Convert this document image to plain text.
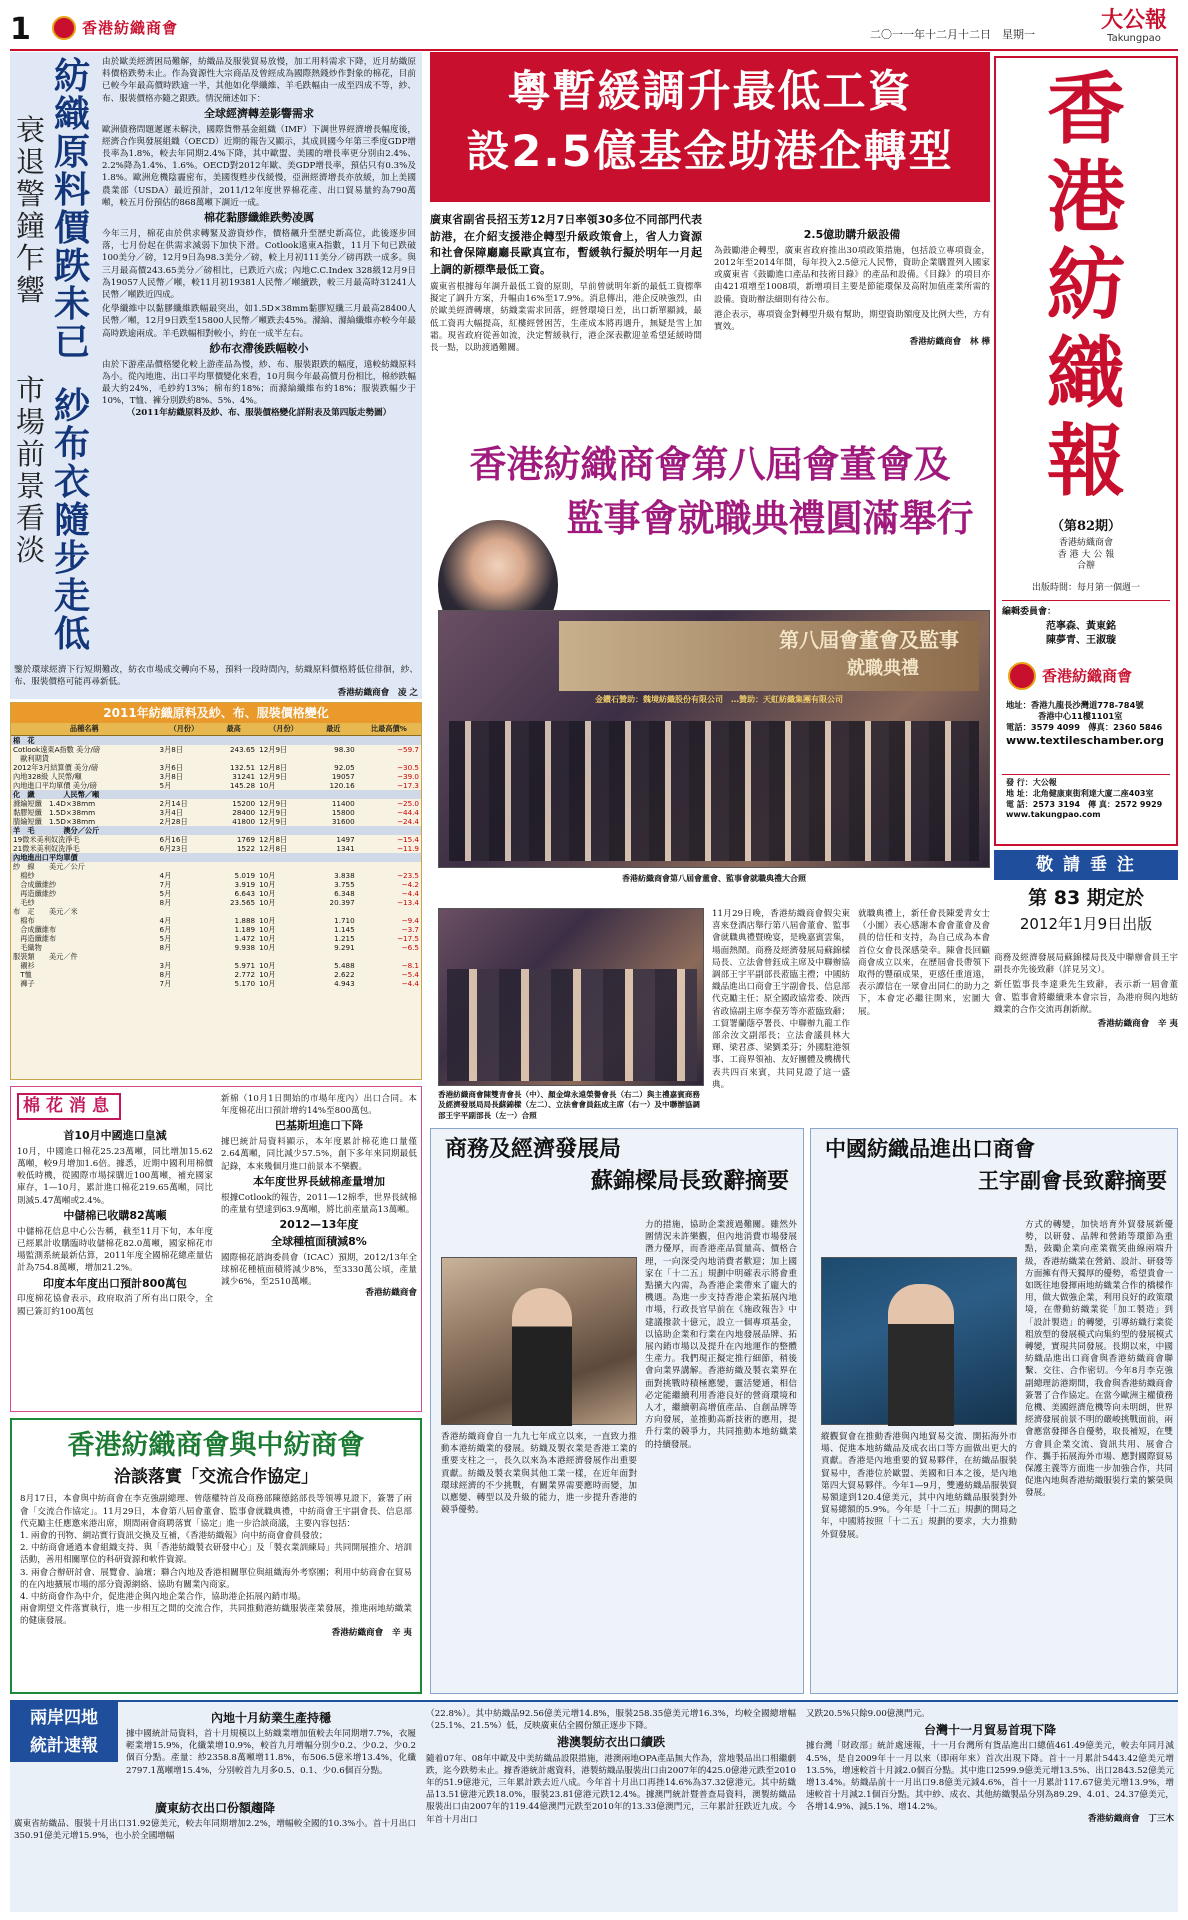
1	香港紡織商會	二〇一一年十二月十二日　星期一
大公報
Takungpao
衰退警鐘乍響
市場前景看淡
紡織原料價跌未已
紗布衣隨步走低

由於歐美經濟困局難解，紡織品及服裝貿易放慢，加工用料需求下降，近月紡織原料價格跌勢未止。作為資源性大宗商品及曾經成為國際熱錢炒作對象的棉花，目前已較今年最高價時跌逾一半，其他如化學纖維、羊毛跌幅由一成至四成不等，紗、布、服裝價格亦隨之跟跌。情況簡述如下：

全球經濟轉差影響需求

歐洲債務問題遲遲未解決，國際貨幣基金組織（IMF）下調世界經濟增長幅度後，經濟合作與發展組織（OECD）近期的報告又顯示，其成員國今年第三季度GDP增長率為1.8%，較去年同期2.4%下降，其中歐盟、美國的增長率更分別由2.4%、2.2%降為1.4%、1.6%。OECD對2012年歐、美GDP增長率，預估只有0.3%及1.8%。歐洲危機陰霾密布，美國復甦步伐緩慢，亞洲經濟增長亦放緩，加上美國農業部（USDA）最近預計，2011/12年度世界棉花產、出口貿易量約為790萬噸，較五月份預估的868萬噸下調近一成。

棉花黏膠纖維跌勢凌厲

今年三月，棉花由於供求轉緊及游資炒作，價格飆升至歷史新高位，此後逐步回落，七月份起在供需求減弱下加快下滑。Cotlook遠東A指數，11月下旬已跌破100美分／磅，12月9日為98.3美分／磅，較上月初111美分／磅再跌一成多。與三月最高價243.65美分／磅相比，已跌近六成；內地C.C.Index 328級12月9日為19057人民幣／噸，較11月初19381人民幣／噸續跌，較三月最高時31241人民幣／噸跌近四成。

化學纖維中以黏膠纖維跌幅最突出，如1.5D×38mm黏膠短纖三月最高28400人民幣／噸，12月9日跌至15800人民幣／噸跌去45%。滌綸、滌綸纖維亦較今年最高時跌逾兩成。羊毛跌幅相對較小，約在一成半左右。

紗布衣滯後跌幅較小

由於下游產品價格變化較上游產品為慢，紗、布、服裝跟跌的幅度，遠較紡織原料為小。從內地進、出口平均單價變化來看，10月與今年最高價月份相比，棉紗跌幅最大約24%，毛紗約13%；棉布約18%；而滌綸纖維布約18%；服裝跌幅少于10%，T恤、褲分別跌約8%、5%、4%。

（2011年紡織原料及紗、布、服裝價格變化詳附表及第四版走勢圖）

鑒於環球經濟下行短期難改，紡衣市場成交轉向不易，預料一段時間內，紡織原料價格將低位徘徊，紗、布、服裝價格可能再尋新低。

香港紡織商會　凌 之
2011年紡織原料及紗、布、服裝價格變化
品種名稱	（月份）	最高	（月份）	最近	比最高價%
棉　花					
Cotlook遠東A指數 美分/磅	3月8日	243.65	12月9日	98.30	−59.7
　歐利期貨					
2012年3月結算價 美分/磅	3月6日	132.51	12月8日	92.05	−30.5
內地328級 人民幣/噸	3月8日	31241	12月9日	19057	−39.0
內地進口平均單價 美分/磅	5月	145.28	10月	120.16	−17.3
化　纖　　　　人民幣／噸					
滌綸短纖　1.4D×38mm	2月14日	15200	12月9日	11400	−25.0
黏膠短纖　1.5D×38mm	3月4日	28400	12月9日	15800	−44.4
腈綸短纖　1.5D×38mm	2月28日	41800	12月9日	31600	−24.4
羊　毛　　　　澳分／公斤					
19微米美利奴洗淨毛	6月16日	1769	12月8日	1497	−15.4
21微米美利奴洗淨毛	6月23日	1522	12月8日	1341	−11.9
內地進出口平均單價					
紗　線　　美元／公斤					
　棉紗	4月	5.019	10月	3.838	−23.5
　合成纖維紗	7月	3.919	10月	3.755	−4.2
　再造纖維紗	5月	6.643	10月	6.348	−4.4
　毛紗	8月	23.565	10月	20.397	−13.4
布　疋　　美元／米					
　棉布	4月	1.888	10月	1.710	−9.4
　合成纖維布	6月	1.189	10月	1.145	−3.7
　再造纖維布	5月	1.472	10月	1.215	−17.5
　毛織物	8月	9.938	10月	9.291	−6.5
服裝類　　美元／件					
　襯衫	3月	5.971	10月	5.488	−8.1
　T恤	8月	2.772	10月	2.622	−5.4
　褲子	7月	5.170	10月	4.943	−4.4
粵暫緩調升最低工資
設2.5億基金助港企轉型

廣東省副省長招玉芳12月7日率領30多位不同部門代表訪港，在介紹支援港企轉型升級政策會上，省人力資源和社會保障廳廳長歐真宣布，暫緩執行擬於明年一月起上調的新標準最低工資。

廣東省根據每年調升最低工資的原則，早前曾就明年新的最低工資標準擬定了調升方案，升幅由16%至17.9%。消息傳出，港企反映強烈，由於歐美經濟轉壞，紡織業需求回落，經營環境日差，出口新單顯減，最低工資再大幅提高，紅樓經營困苦，生產成本將再遇升，無疑是雪上加霜。現省政府從善如流，決定暫緩執行，港企深表歡迎並希望延緩時間長一點，以助渡過難關。

2.5億助購升級設備

為鼓勵港企轉型，廣東省政府推出30項政策措施，包括設立專項資金，2012年至2014年間，每年投入2.5億元人民幣，資助企業購置列入國家或廣東省《鼓勵進口產品和技術目錄》的產品和設備。《目錄》的項目亦由421項增至1008項，新增項目主要是節能環保及高附加值產業所需的設備。資助辦法細則有待公布。

港企表示，專項資金對轉型升級有幫助，期望資助額度及比例大些，方有實效。

香港紡織商會　林 樺
香
港
紡
織
報
（第82期）
香港紡織商會
香 港 大 公 報
合辦
出版時間：每月第一個週一
編輯委員會：
范寧森、黃東銘
陳夢青、王淑璇
香港紡織商會
地址：香港九龍長沙灣道778-784號
香港中心11樓1101室
電話：3579 4099　傳真：2360 5846
www.textileschamber.org
發 行：大公報
地 址：北角健康東街利達大廈二座403室
電 話：2573 3194　傳 真：2572 9929
www.takungpao.com
敬 請 垂 注
第 83 期定於
2012年1月9日出版
香港紡織商會第八屆會董會及
監事會就職典禮圓滿舉行
第八屆會董會及監事
就職典禮
金鑽石贊助：魏境紡織股份有限公司　…贊助：天虹紡織集團有限公司
香港紡織商會第八屆會董會、監事會就職典禮大合照
香港紡織商會陳雙青會長（中）、顏金煒永遠榮譽會長（右二）與主禮嘉賓商務及經濟發展局局長蘇錦樑（左二）、立法會會員鈺成主席（右一）及中聯辦協調部王宇平副部長（左一）合照

11月29日晚，香港紡織商會假尖東喜來登酒店舉行第八屆會董會、監事會就職典禮暨晚宴，是晚嘉賓雲集，場面熱鬧。商務及經濟發展局蘇錦樑局長、立法會曾鈺成主席及中聯辦協調部王宇平副部長蒞臨主禮；中國紡織品進出口商會王宇副會長、信息部代克勵主任；原全國政協常委、陝西省政協副主席李葆芳等亦蒞臨致辭；工貿署蘭蔭亭署長、中聯辦九龍工作部余汝文副部長；立法會議員林大輝、梁君彥、梁劉柔芬；外國駐港領事、工商界領袖、友好團體及機構代表共四百來賓，共同見證了這一盛典。

就職典禮上，新任會長陳愛青女士（小圖）表心感謝本會會董會及會員的信任和支持，為自己成為本會首位女會長深感榮幸。陳會長回顧商會成立以來，在歷屆會長帶領下取得的豐碩成果，更感任重道遠，表示譚信在一眾會出同仁的助力之下，本會定必繼往開來，宏圖大展。

商務及經濟發展局蘇錦樑局長及中聯辦會員王宇副長亦先後致辭（詳見另文）。

新任監事長李達秉先生致辭，表示新一屆會董會、監事會將繼續秉本會宗旨，為港府與內地紡織業的合作交流再創新猷。

香港紡織商會　辛 夷
棉花消息
首10月中國進口皇減

10月，中國進口棉花25.23萬噸，同比增加15.62萬噸，較9月增加1.6倍。據悉，近期中國利用棉價較低時機，從國際市場採購近100萬噸，補充國家庫存，1—10月，累計進口棉花219.65萬噸，同比則減5.47萬噸或2.4%。

中儲棉已收購82萬噸

中儲棉花信息中心公告稱，截至11月下旬，本年度已經累計收購臨時收儲棉花82.0萬噸，國家棉花市場監測系統最新估算，2011年度全國棉花總產量估計為754.8萬噸，增加21.2%。

印度本年度出口預計800萬包

印度棉花協會表示，政府取消了所有出口限令，全國已簽訂約100萬包

新棉（10月1日開始的市場年度內）出口合同。本年度棉花出口預計增約14%至800萬包。

巴基斯坦進口下降

據巴統計局資料顯示，本年度累計棉花進口量僅2.64萬噸，同比減少57.5%，創下多年來同期最低記錄，本來幾個月進口前景本不樂觀。

本年度世界長絨棉產量增加

根據Cotlook的報告，2011—12棉季，世界長絨棉的產量有望達到63.9萬噸，將比前產量高13萬噸。

2012—13年度
全球種植面積減8%

國際棉花諮詢委員會（ICAC）預期，2012/13年全球棉花種植面積將減少8%，至3330萬公頃，產量減少6%，至2510萬噸。

香港紡織商會
香港紡織商會與中紡商會
洽談落實「交流合作協定」

8月17日，本會與中紡商會在李克強副總理、曾蔭權特首及商務部陳德銘部長等領導見證下，簽署了兩會「交流合作協定」。11月29日，本會第八屆會董會、監事會就職典禮，中紡商會王宇副會長、信息部代克勵主任應邀來港出席，期間兩會商聘落實「協定」進一步洽談商議，主要內容包括：

1. 兩會的刊物、網站實行資訊交換及互補，《香港紡織報》向中紡商會會員發放；

2. 中紡商會通過本會組織支持、與「香港紡織製衣研發中心」及「製衣業訓練局」共同開展推介、培訓活動，善用相關單位的科研資源和軟件資源。

3. 兩會合辦研討會、展覽會、論壇；聯合內地及香港相關單位與組織海外考察團；利用中紡商會在貿易的在內地擴展市場的部分資源網絡、協助有關業內商家。

4. 中紡商會作為中介，促進港企與內地企業合作，協助港企拓展內銷市場。

兩會期望文件落實執行，進一步相互之間的交流合作，共同推動港紡織服裝產業發展，推進兩地紡織業的健康發展。

香港紡織商會　辛 夷
商務及經濟發展局
蘇錦樑局長致辭摘要

香港紡織商會自一九九七年成立以來，一直致力推動本港紡織業的發展。紡織及製衣業是香港工業的重要支柱之一，長久以來為本港經濟發展作出重要貢獻。紡織及製衣業與其他工業一樣，在近年面對環球經濟的不少挑戰，有關業界需要應時而變，加以應變、轉型以及升級的能力，進一步提升香港的競爭優勢。

力的措施，協助企業渡過難關。雖然外圍情況未許樂觀，但內地消費市場發展潛力優厚，而香港產品質量高、價格合理，一向深受內地消費者歡迎；加上國家在「十二五」規劃中明確表示將會重點擴大內需，為香港企業帶來了龐大的機遇。為進一步支持香港企業拓展內地市場，行政長官早前在《施政報告》中建議撥款十億元，設立一個專項基金，以協助企業和行業在內地發展品牌、拓展內銷市場以及提升在內地運作的整體生產力。我們現正擬定推行細節，稍後會向業界講解。香港紡織及製衣業界在面對挑戰時積極應變，靈活變通，相信必定能繼續利用香港良好的營商環境和人才，繼續朝高增值產品、自創品牌等方向發展，並推動高新技術的應用，提升行業的競爭力，共同推動本地紡織業的持續發展。

中國紡織品進出口商會
王宇副會長致辭摘要

縱觀貿會在推動香港與內地貿易交流、開拓海外市場、促進本地紡織品及成衣出口等方面做出更大的貢獻。香港是內地重要的貿易夥伴，在紡織品服裝貿易中，香港位於歐盟、美國和日本之後，是內地第四大貿易夥伴。今年1—9月，雙邊紡織品服裝貿易額達到120.4億美元，其中內地紡織品服裝對外貿易總額的5.9%。今年是「十二五」規劃的開局之年，中國將按照「十二五」規劃的要求，大力推動外貿發展。

方式的轉變，加快培育外貿發展新優勢，以研發、品牌和營銷等環節為重點，鼓勵企業向產業微笑曲線兩端升級，香港紡織業在營銷、設計、研發等方面擁有得天獨厚的優勢，希望貴會一如既往地發揮兩地紡織業合作的橋樑作用，做大做強企業，利用良好的政策環境，在帶動紡織業從「加工製造」到「設計製造」的轉變，引導紡織行業從粗放型的發展模式向集約型的發展模式轉變，實現共同發展。長期以來，中國紡織品進出口商會與香港紡織商會聯繫、交往、合作密切。今年8月李克強副總理訪港期間，我會與香港紡織商會簽署了合作協定。在當今歐洲主權債務危機、美國經濟危機等向未明朗，世界經濟發展前景不明的嚴峻挑戰面前，兩會應當發揮各自優勢，取長補短，在雙方會員企業交流、資訊共用、展會合作、攜手拓展海外市場、應對國際貿易保護主義等方面進一步加強合作，共同促進內地與香港紡織服裝行業的繁榮與發展。

兩岸四地
統計速報
內地十月紡業生產持穩

據中國統計局資料，首十月規模以上紡織業增加值較去年同期增7.7%，衣履輕業增15.9%，化纖業增10.9%，較首九月增幅分別少0.2、少0.2、少0.2個百分點。產量：紗2358.8萬噸增11.8%，布506.5億米增13.4%，化纖2797.1萬噸增15.4%，分別較首九月多0.5、0.1、少0.6個百分點。

廣東紡衣出口份額趨降

廣東省紡織品、服裝十月出口31.92億美元，較去年同期增加2.2%，增幅較全國的10.3%小。首十月出口350.91億美元增15.9%，也小於全國增幅

（22.8%）。其中紡織品92.56億美元增14.8%，服裝258.35億美元增16.3%，均較全國總增幅（25.1%、21.5%）低，反映廣東佔全國份額正逐步下降。

港澳製紡衣出口續跌

隨着07年、08年中歐及中美紡織品設限措施，港澳兩地OPA產品無大作為，當地製品出口相繼劇跌，迄今跌勢未止。據香港統計處資料，港製紡織品服裝出口由2007年的425.0億港元跌至2010年的51.9億港元，三年累計跌去近八成。今年首十月出口再挫14.6%為37.32億港元。其中紡織品13.51億港元跌18.0%，服裝23.81億港元跌12.4%。據澳門統計暨普查局資料，澳製紡織品服裝出口由2007年的119.44億澳門元跌至2010年的13.33億澳門元，三年累計狂跌近九成。今年首十月出口

又跌20.5%只餘9.00億澳門元。

台灣十一月貿易首現下降

據台灣「財政部」統計處速報，十一月台灣所有貨品進出口總值461.49億美元，較去年同月減4.5%，是自2009年十一月以來（即兩年來）首次出現下降。首十一月累計5443.42億美元增13.5%，增速較首十月減2.0個百分點。其中進口2599.9億美元增13.5%、出口2843.52億美元增13.4%。紡織品前十一月出口9.8億美元減4.6%，首十一月累計117.67億美元增13.9%，增速較首十月減2.1個百分點。其中紗、成衣、其他紡織製品分別為89.29、4.01、24.37億美元，各增14.9%、減5.1%、增14.2%。

香港紡織商會　丁三木
